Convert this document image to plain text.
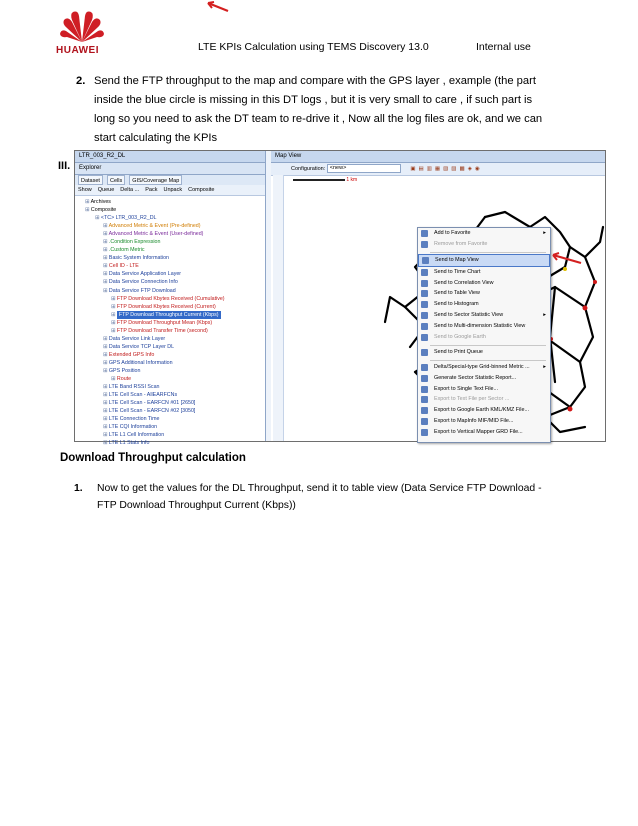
HUAWEI	LTE KPIs Calculation using TEMS Discovery 13.0	Internal use
2. Send the FTP throughput to the map and compare with the GPS layer , example (the part inside the blue circle is missing in this DT logs , but it is very small to care , if such part is long so you need to ask the DT team to re-drive it , Now all the log files are ok, and we can start calculating the KPIs
III.
LTR_003_R2_DL
Explorer
Dataset	Cells	GIS/Coverage Map
Show Queue Delta ... Pack Unpack Composite
⊞ Archives
⊞ Composite
⊞ <TC> LTR_003_R2_DL
⊞ Advanced Metric & Event (Pre-defined)
⊞ Advanced Metric & Event (User-defined)
⊞ .Condition Expression
⊞ .Custom Metric
⊞ Basic System Information
⊞ Cell ID - LTE
⊞ Data Service Application Layer
⊞ Data Service Connection Info
⊞ Data Service FTP Download
⊞ FTP Download Kbytes Received (Cumulative)
⊞ FTP Download Kbytes Received (Current)
⊞ FTP Download Throughput Current (Kbps)
⊞ FTP Download Throughput Mean (Kbps)
⊞ FTP Download Transfer Time (second)
⊞ Data Service Link Layer
⊞ Data Service TCP Layer DL
⊞ Extended GPS Info
⊞ GPS Additional Information
⊞ GPS Position
⊞ Route
⊞ LTE Band RSSI Scan
⊞ LTE Cell Scan - AllEARFCNs
⊞ LTE Cell Scan - EARFCN #01 [2650]
⊞ LTE Cell Scan - EARFCN #02 [3050]
⊞ LTE Connection Time
⊞ LTE CQI Information
⊞ LTE L1 Cell Information
⊞ LTE L1 Stats Info
Map View
Configuration: <new>	▣▤▥▦▧▨▩◈◉
1 km
Add to Favorite	▸
Remove from Favorite
Send to Map View
Send to Time Chart
Send to Correlation View
Send to Table View
Send to Histogram
Send to Sector Statistic View	▸
Send to Multi-dimension Statistic View
Send to Google Earth
Send to Print Queue
Delta/Special-type Grid-binned Metric ...	▸
Generate Sector Statistic Report...
Export to Single Text File...
Export to Text File per Sector ...
Export to Google Earth KML/KMZ File...
Export to MapInfo MIF/MID File...
Export to Vertical Mapper GRD File...
Download Throughput calculation
1. Now to get the values for the DL Throughput, send it to table view (Data Service FTP Download - FTP Download Throughput Current (Kbps))
